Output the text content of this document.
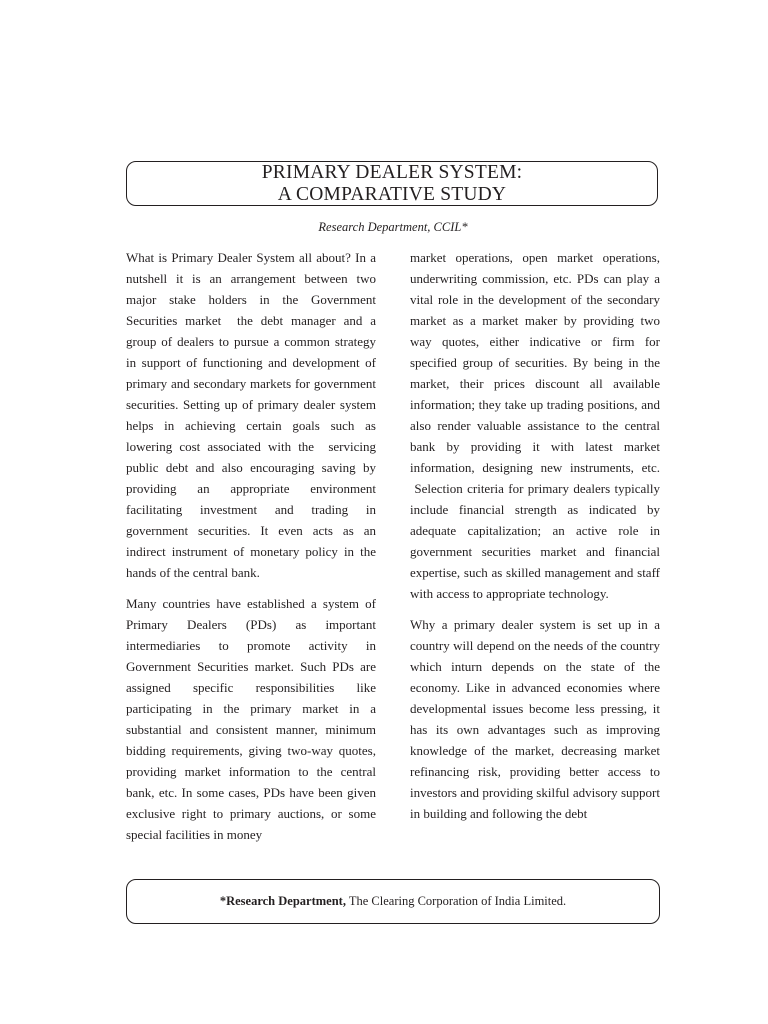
PRIMARY DEALER SYSTEM:
A COMPARATIVE STUDY
Research Department, CCIL*

What is Primary Dealer System all about? In a nutshell it is an arrangement between two major stake holders in the Government Securities market  the debt manager and a group of dealers to pursue a common strategy in support of functioning and development of primary and secondary markets for government securities. Setting up of primary dealer system helps in achieving certain goals such as lowering cost associated with the  servicing public debt and also encouraging saving by providing an appropriate environment facilitating investment and trading in government securities. It even acts as an indirect instrument of monetary policy in the hands of the central bank.

Many countries have established a system of Primary Dealers (PDs) as important intermediaries to promote activity in Government Securities market. Such PDs are assigned specific responsibilities like participating in the primary market in a substantial and consistent manner, minimum bidding requirements, giving two-way quotes, providing market information to the central bank, etc. In some cases, PDs have been given exclusive right to primary auctions, or some special facilities in money

market operations, open market operations, underwriting commission, etc. PDs can play a vital role in the development of the secondary market as a market maker by providing two way quotes, either indicative or firm for specified group of securities. By being in the market, their prices discount all available information; they take up trading positions, and also render valuable assistance to the central bank by providing it with latest market information, designing new instruments, etc.  Selection criteria for primary dealers typically include financial strength as indicated by adequate capitalization; an active role in government securities market and financial expertise, such as skilled management and staff with access to appropriate technology.

Why a primary dealer system is set up in a country will depend on the needs of the country which inturn depends on the state of the economy. Like in advanced economies where developmental issues become less pressing, it has its own advantages such as improving knowledge of the market, decreasing market refinancing risk, providing better access to investors and providing skilful advisory support in building and following the debt

*Research Department, The Clearing Corporation of India Limited.
